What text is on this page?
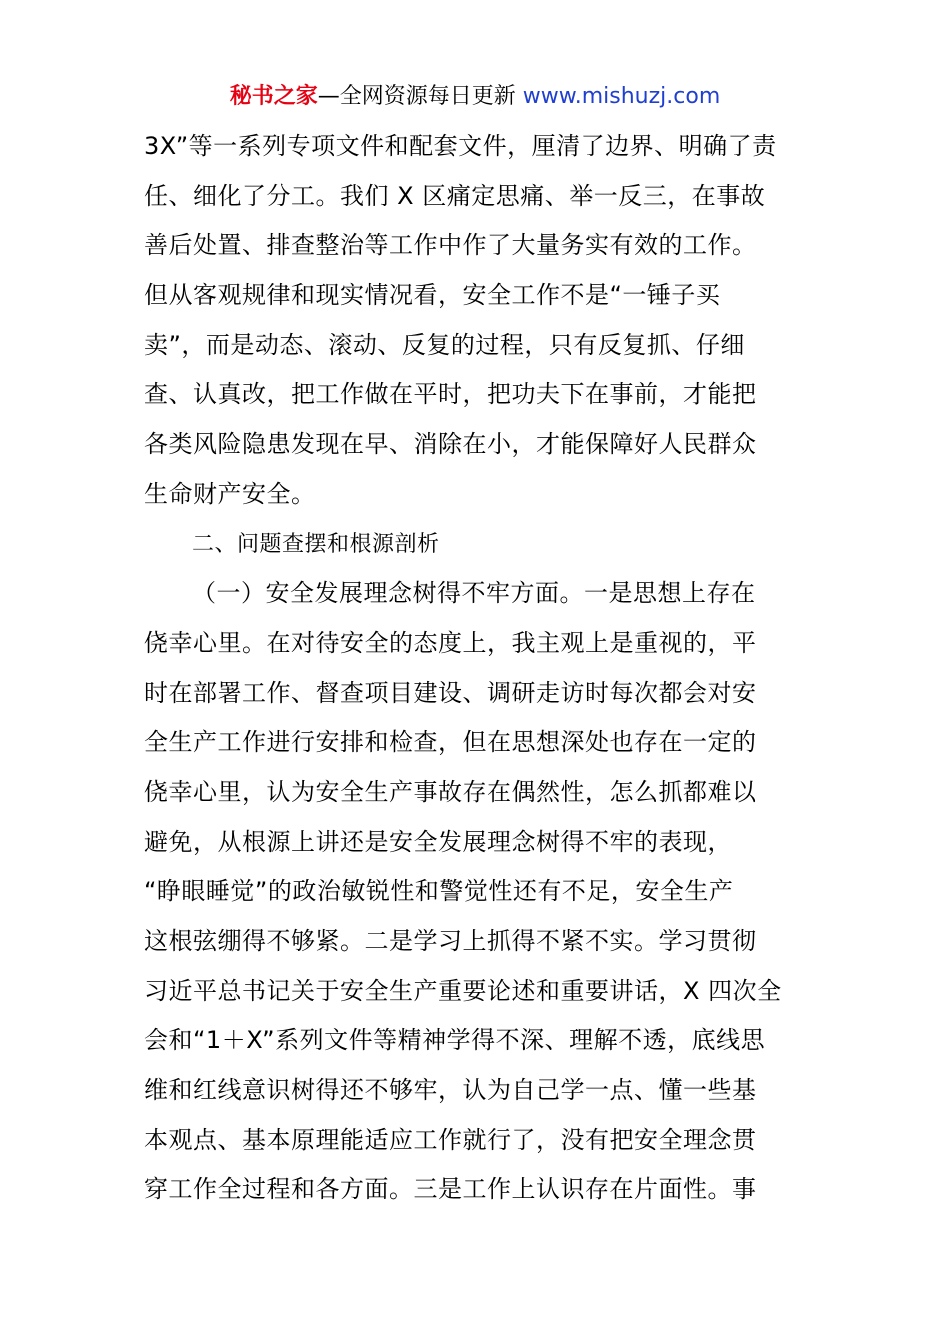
秘书之家—全网资源每日更新 www.mishuzj.com
3X”等一系列专项文件和配套文件，厘清了边界、明确了责
任、细化了分工。我们 X 区痛定思痛、举一反三，在事故
善后处置、排查整治等工作中作了大量务实有效的工作。
但从客观规律和现实情况看，安全工作不是“一锤子买
卖”，而是动态、滚动、反复的过程，只有反复抓、仔细
查、认真改，把工作做在平时，把功夫下在事前，才能把
各类风险隐患发现在早、消除在小，才能保障好人民群众
生命财产安全。
二、问题查摆和根源剖析
（一）安全发展理念树得不牢方面。一是思想上存在
侥幸心里。在对待安全的态度上，我主观上是重视的，平
时在部署工作、督查项目建设、调研走访时每次都会对安
全生产工作进行安排和检查，但在思想深处也存在一定的
侥幸心里，认为安全生产事故存在偶然性，怎么抓都难以
避免，从根源上讲还是安全发展理念树得不牢的表现，
“睁眼睡觉”的政治敏锐性和警觉性还有不足，安全生产
这根弦绷得不够紧。二是学习上抓得不紧不实。学习贯彻
习近平总书记关于安全生产重要论述和重要讲话，X 四次全
会和“1＋X”系列文件等精神学得不深、理解不透，底线思
维和红线意识树得还不够牢，认为自己学一点、懂一些基
本观点、基本原理能适应工作就行了，没有把安全理念贯
穿工作全过程和各方面。三是工作上认识存在片面性。事
